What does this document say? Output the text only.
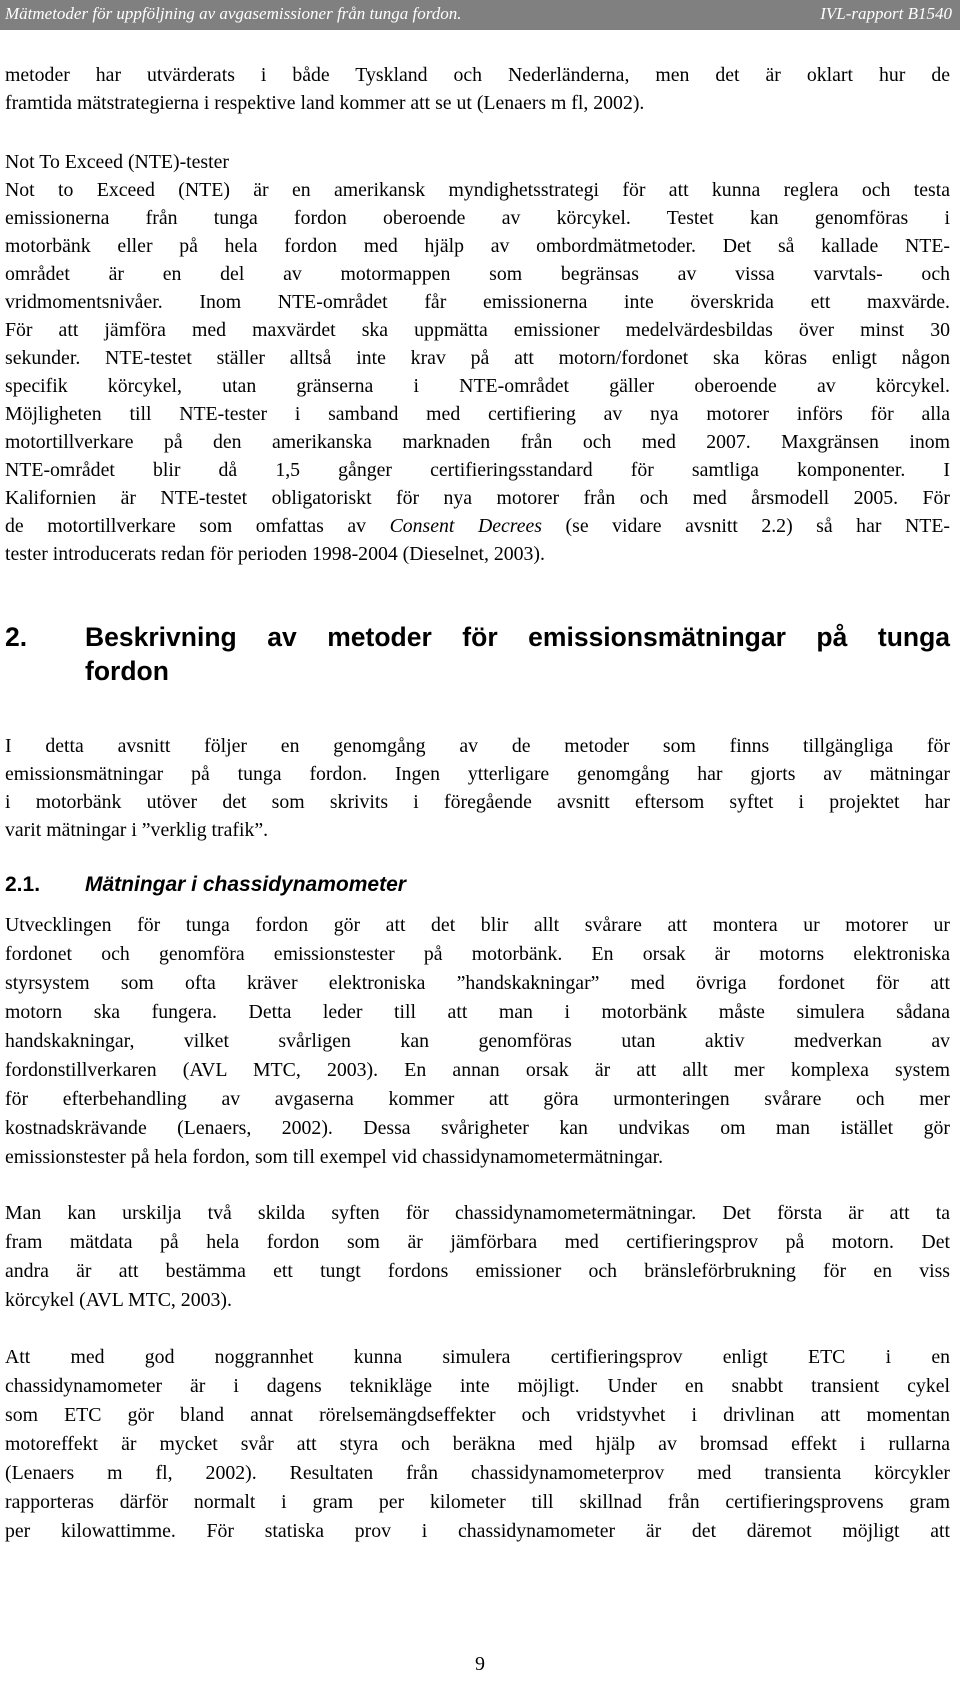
Mätmetoder för uppföljning av avgasemissioner från tunga fordon.	IVL-rapport B1540
metoder har utvärderats i både Tyskland och Nederländerna, men det är oklart hur de
framtida mätstrategierna i respektive land kommer att se ut (Lenaers m fl, 2002).
Not To Exceed (NTE)-tester
Not to Exceed (NTE) är en amerikansk myndighetsstrategi för att kunna reglera och testa
emissionerna från tunga fordon oberoende av körcykel. Testet kan genomföras i
motorbänk eller på hela fordon med hjälp av ombordmätmetoder. Det så kallade NTE-
området är en del av motormappen som begränsas av vissa varvtals- och
vridmomentsnivåer. Inom NTE-området får emissionerna inte överskrida ett maxvärde.
För att jämföra med maxvärdet ska uppmätta emissioner medelvärdesbildas över minst 30
sekunder. NTE-testet ställer alltså inte krav på att motorn/fordonet ska köras enligt någon
specifik körcykel, utan gränserna i NTE-området gäller oberoende av körcykel.
Möjligheten till NTE-tester i samband med certifiering av nya motorer införs för alla
motortillverkare på den amerikanska marknaden från och med 2007. Maxgränsen inom
NTE-området blir då 1,5 gånger certifieringsstandard för samtliga komponenter. I
Kalifornien är NTE-testet obligatoriskt för nya motorer från och med årsmodell 2005. För
de motortillverkare som omfattas av Consent Decrees (se vidare avsnitt 2.2) så har NTE-
tester introducerats redan för perioden 1998-2004 (Dieselnet, 2003).
2. Beskrivning av metoder för emissionsmätningar på tunga
fordon
I detta avsnitt följer en genomgång av de metoder som finns tillgängliga för
emissionsmätningar på tunga fordon. Ingen ytterligare genomgång har gjorts av mätningar
i motorbänk utöver det som skrivits i föregående avsnitt eftersom syftet i projektet har
varit mätningar i ”verklig trafik”.
2.1. Mätningar i chassidynamometer
Utvecklingen för tunga fordon gör att det blir allt svårare att montera ur motorer ur
fordonet och genomföra emissionstester på motorbänk. En orsak är motorns elektroniska
styrsystem som ofta kräver elektroniska ”handskakningar” med övriga fordonet för att
motorn ska fungera. Detta leder till att man i motorbänk måste simulera sådana
handskakningar, vilket svårligen kan genomföras utan aktiv medverkan av
fordonstillverkaren (AVL MTC, 2003). En annan orsak är att allt mer komplexa system
för efterbehandling av avgaserna kommer att göra urmonteringen svårare och mer
kostnadskrävande (Lenaers, 2002). Dessa svårigheter kan undvikas om man istället gör
emissionstester på hela fordon, som till exempel vid chassidynamometermätningar.
Man kan urskilja två skilda syften för chassidynamometermätningar. Det första är att ta
fram mätdata på hela fordon som är jämförbara med certifieringsprov på motorn. Det
andra är att bestämma ett tungt fordons emissioner och bränsleförbrukning för en viss
körcykel (AVL MTC, 2003).
Att med god noggrannhet kunna simulera certifieringsprov enligt ETC i en
chassidynamometer är i dagens teknikläge inte möjligt. Under en snabbt transient cykel
som ETC gör bland annat rörelsemängdseffekter och vridstyvhet i drivlinan att momentan
motoreffekt är mycket svår att styra och beräkna med hjälp av bromsad effekt i rullarna
(Lenaers m fl, 2002). Resultaten från chassidynamometerprov med transienta körcykler
rapporteras därför normalt i gram per kilometer till skillnad från certifieringsprovens gram
per kilowattimme. För statiska prov i chassidynamometer är det däremot möjligt att
9
